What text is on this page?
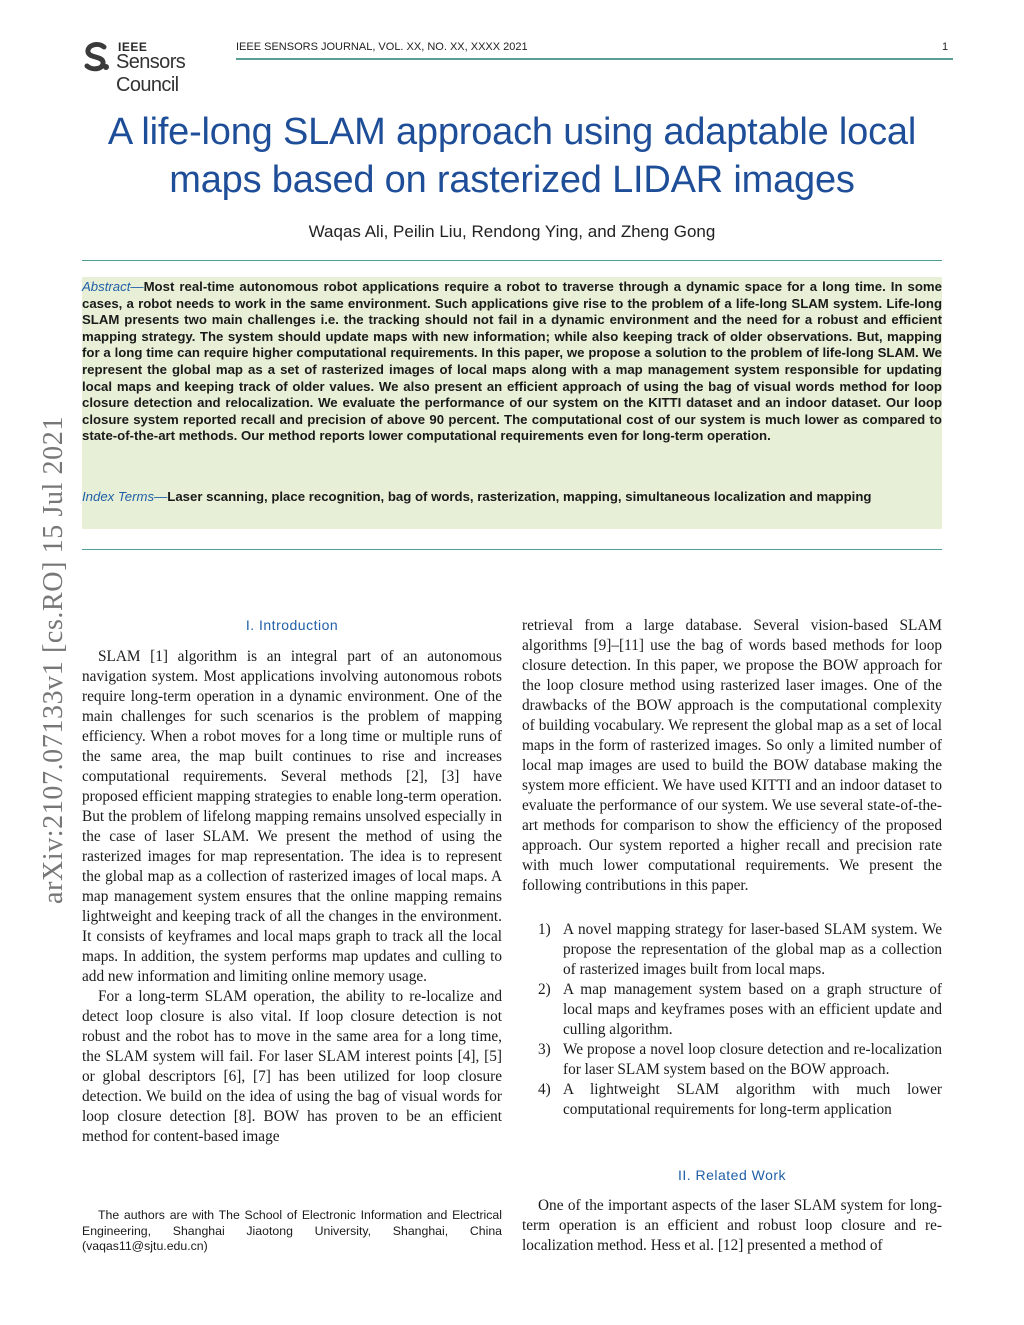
IEEE
Sensors Council
IEEE SENSORS JOURNAL, VOL. XX, NO. XX, XXXX 2021	1
A life-long SLAM approach using adaptable local maps based on rasterized LIDAR images
Waqas Ali, Peilin Liu, Rendong Ying, and Zheng Gong
Abstract—Most real-time autonomous robot applications require a robot to traverse through a dynamic space for a long time. In some cases, a robot needs to work in the same environment. Such applications give rise to the problem of a life-long SLAM system. Life-long SLAM presents two main challenges i.e. the tracking should not fail in a dynamic environment and the need for a robust and efficient mapping strategy. The system should update maps with new information; while also keeping track of older observations. But, mapping for a long time can require higher computational requirements. In this paper, we propose a solution to the problem of life-long SLAM. We represent the global map as a set of rasterized images of local maps along with a map management system responsible for updating local maps and keeping track of older values. We also present an efficient approach of using the bag of visual words method for loop closure detection and relocalization. We evaluate the performance of our system on the KITTI dataset and an indoor dataset. Our loop closure system reported recall and precision of above 90 percent. The computational cost of our system is much lower as compared to state-of-the-art methods. Our method reports lower computational requirements even for long-term operation.
Index Terms—Laser scanning, place recognition, bag of words, rasterization, mapping, simultaneous localization and mapping
arXiv:2107.07133v1 [cs.RO] 15 Jul 2021	I. Introduction

SLAM [1] algorithm is an integral part of an autonomous navigation system. Most applications involving autonomous robots require long-term operation in a dynamic environment. One of the main challenges for such scenarios is the problem of mapping efficiency. When a robot moves for a long time or multiple runs of the same area, the map built continues to rise and increases computational requirements. Several methods [2], [3] have proposed efficient mapping strategies to enable long-term operation. But the problem of lifelong mapping remains unsolved especially in the case of laser SLAM. We present the method of using the rasterized images for map representation. The idea is to represent the global map as a collection of rasterized images of local maps. A map management system ensures that the online mapping remains lightweight and keeping track of all the changes in the environment. It consists of keyframes and local maps graph to track all the local maps. In addition, the system performs map updates and culling to add new information and limiting online memory usage.

For a long-term SLAM operation, the ability to re-localize and detect loop closure is also vital. If loop closure detection is not robust and the robot has to move in the same area for a long time, the SLAM system will fail. For laser SLAM interest points [4], [5] or global descriptors [6], [7] has been utilized for loop closure detection. We build on the idea of using the bag of visual words for loop closure detection [8]. BOW has proven to be an efficient method for content-based image

The authors are with The School of Electronic Information and Electrical Engineering, Shanghai Jiaotong University, Shanghai, China (vaqas11@sjtu.edu.cn)

retrieval from a large database. Several vision-based SLAM algorithms [9]–[11] use the bag of words based methods for loop closure detection. In this paper, we propose the BOW approach for the loop closure method using rasterized laser images. One of the drawbacks of the BOW approach is the computational complexity of building vocabulary. We represent the global map as a set of local maps in the form of rasterized images. So only a limited number of local map images are used to build the BOW database making the system more efficient. We have used KITTI and an indoor dataset to evaluate the performance of our system. We use several state-of-the-art methods for comparison to show the efficiency of the proposed approach. Our system reported a higher recall and precision rate with much lower computational requirements. We present the following contributions in this paper.

1) A novel mapping strategy for laser-based SLAM system. We propose the representation of the global map as a collection of rasterized images built from local maps.
2) A map management system based on a graph structure of local maps and keyframes poses with an efficient update and culling algorithm.
3) We propose a novel loop closure detection and re-localization for laser SLAM system based on the BOW approach.
4) A lightweight SLAM algorithm with much lower computational requirements for long-term application
II. Related Work

One of the important aspects of the laser SLAM system for long-term operation is an efficient and robust loop closure and re-localization method. Hess et al. [12] presented a method of
